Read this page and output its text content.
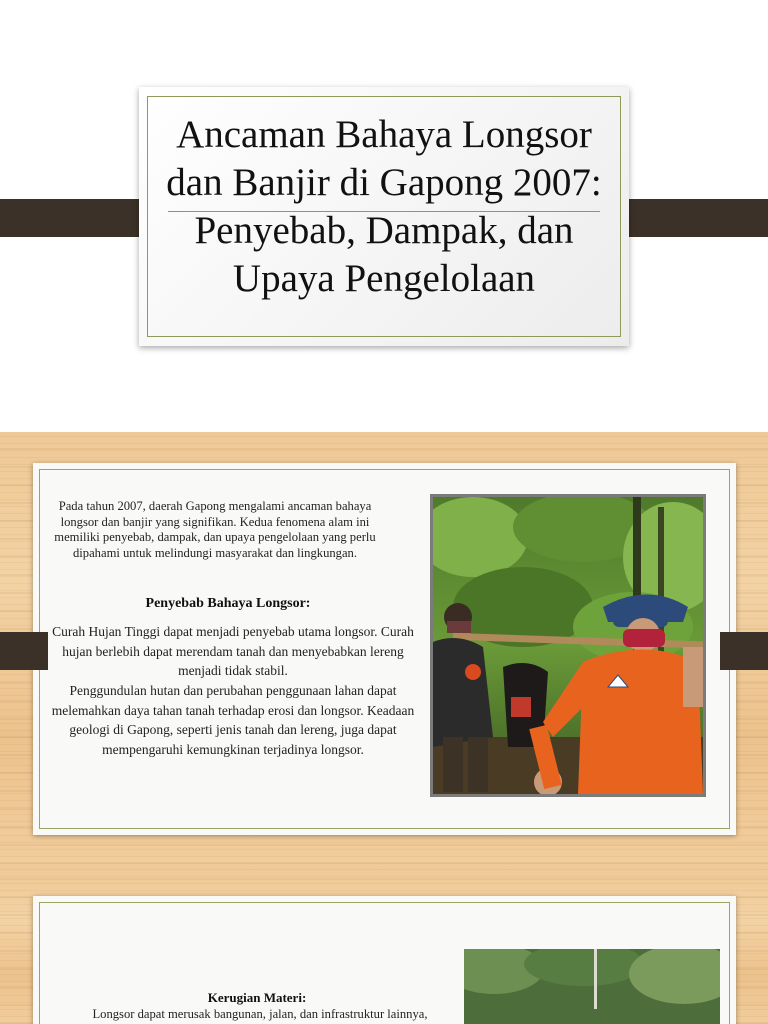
Ancaman Bahaya Longsor
dan Banjir di Gapong 2007:
Penyebab, Dampak, dan
Upaya Pengelolaan
Pada tahun 2007, daerah Gapong mengalami ancaman bahaya longsor dan banjir yang signifikan. Kedua fenomena alam ini memiliki penyebab, dampak, dan upaya pengelolaan yang perlu dipahami untuk melindungi masyarakat dan lingkungan.
Penyebab Bahaya Longsor:
Curah Hujan Tinggi dapat menjadi penyebab utama longsor. Curah hujan berlebih dapat merendam tanah dan menyebabkan lereng menjadi tidak stabil.
Penggundulan hutan dan perubahan penggunaan lahan dapat melemahkan daya tahan tanah terhadap erosi dan longsor. Keadaan geologi di Gapong, seperti jenis tanah dan lereng, juga dapat mempengaruhi kemungkinan terjadinya longsor.
Kerugian Materi:
Longsor dapat merusak bangunan, jalan, dan infrastruktur lainnya,
